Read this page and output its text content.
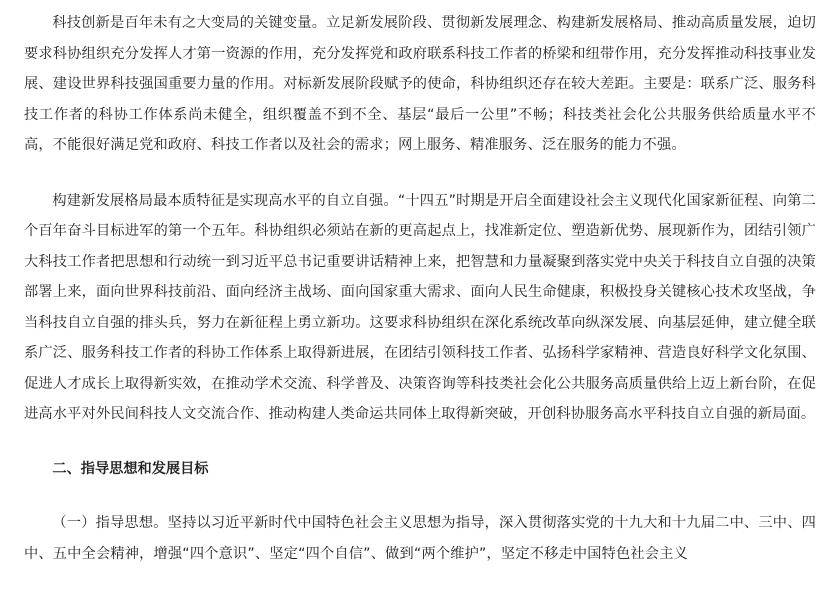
科技创新是百年未有之大变局的关键变量。立足新发展阶段、贯彻新发展理念、构建新发展格局、推动高质量发展，迫切要求科协组织充分发挥人才第一资源的作用，充分发挥党和政府联系科技工作者的桥梁和纽带作用，充分发挥推动科技事业发展、建设世界科技强国重要力量的作用。对标新发展阶段赋予的使命，科协组织还存在较大差距。主要是：联系广泛、服务科技工作者的科协工作体系尚未健全，组织覆盖不到不全、基层“最后一公里”不畅；科技类社会化公共服务供给质量水平不高，不能很好满足党和政府、科技工作者以及社会的需求；网上服务、精准服务、泛在服务的能力不强。

构建新发展格局最本质特征是实现高水平的自立自强。“十四五”时期是开启全面建设社会主义现代化国家新征程、向第二个百年奋斗目标进军的第一个五年。科协组织必须站在新的更高起点上，找准新定位、塑造新优势、展现新作为，团结引领广大科技工作者把思想和行动统一到习近平总书记重要讲话精神上来，把智慧和力量凝聚到落实党中央关于科技自立自强的决策部署上来，面向世界科技前沿、面向经济主战场、面向国家重大需求、面向人民生命健康，积极投身关键核心技术攻坚战，争当科技自立自强的排头兵，努力在新征程上勇立新功。这要求科协组织在深化系统改革向纵深发展、向基层延伸，建立健全联系广泛、服务科技工作者的科协工作体系上取得新进展，在团结引领科技工作者、弘扬科学家精神、营造良好科学文化氛围、促进人才成长上取得新实效，在推动学术交流、科学普及、决策咨询等科技类社会化公共服务高质量供给上迈上新台阶，在促进高水平对外民间科技人文交流合作、推动构建人类命运共同体上取得新突破，开创科协服务高水平科技自立自强的新局面。

二、指导思想和发展目标

（一）指导思想。坚持以习近平新时代中国特色社会主义思想为指导，深入贯彻落实党的十九大和十九届二中、三中、四中、五中全会精神，增强“四个意识”、坚定“四个自信”、做到“两个维护”，坚定不移走中国特色社会主义
